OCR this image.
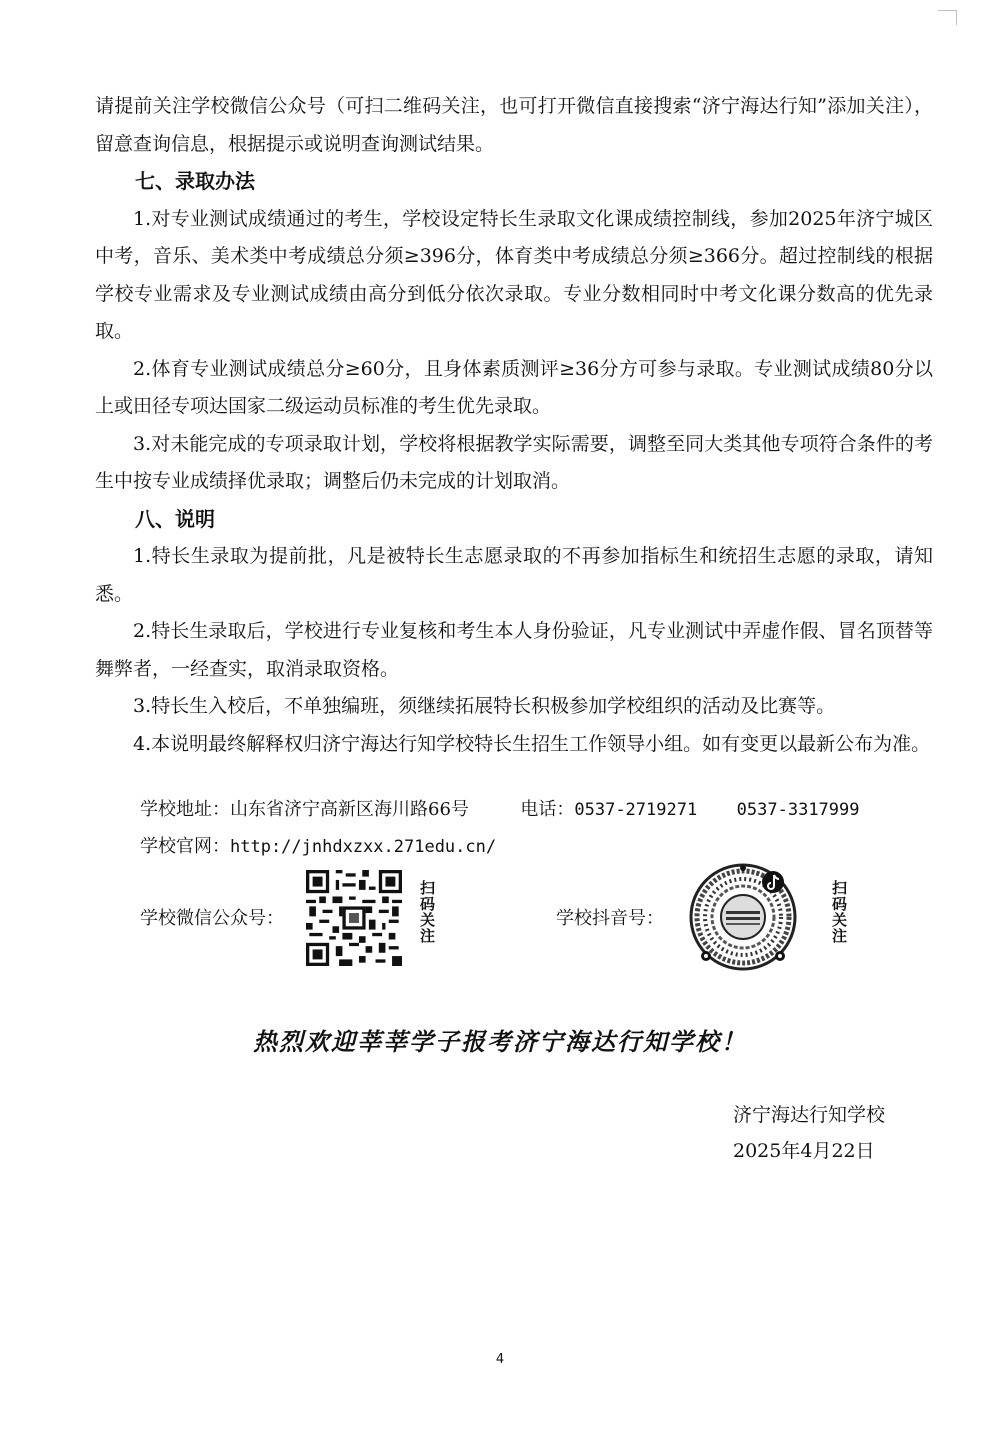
请提前关注学校微信公众号（可扫二维码关注，也可打开微信直接搜索“济宁海达行知”添加关注），留意查询信息，根据提示或说明查询测试结果。

七、录取办法

1.对专业测试成绩通过的考生，学校设定特长生录取文化课成绩控制线，参加2025年济宁城区中考，音乐、美术类中考成绩总分须≥396分，体育类中考成绩总分须≥366分。超过控制线的根据学校专业需求及专业测试成绩由高分到低分依次录取。专业分数相同时中考文化课分数高的优先录取。

2.体育专业测试成绩总分≥60分，且身体素质测评≥36分方可参与录取。专业测试成绩80分以上或田径专项达国家二级运动员标准的考生优先录取。

3.对未能完成的专项录取计划，学校将根据教学实际需要，调整至同大类其他专项符合条件的考生中按专业成绩择优录取；调整后仍未完成的计划取消。

八、说明

1.特长生录取为提前批，凡是被特长生志愿录取的不再参加指标生和统招生志愿的录取，请知悉。

2.特长生录取后，学校进行专业复核和考生本人身份验证，凡专业测试中弄虚作假、冒名顶替等舞弊者，一经查实，取消录取资格。

3.特长生入校后，不单独编班，须继续拓展特长积极参加学校组织的活动及比赛等。

4.本说明最终解释权归济宁海达行知学校特长生招生工作领导小组。如有变更以最新公布为准。

学校地址：山东省济宁高新区海川路66号	电话：0537-2719271 0537-3317999
学校官网：http://jnhdxzxx.271edu.cn/
学校微信公众号：	扫码关注	学校抖音号：	扫码关注
热烈欢迎莘莘学子报考济宁海达行知学校！
济宁海达行知学校
2025年4月22日
4
